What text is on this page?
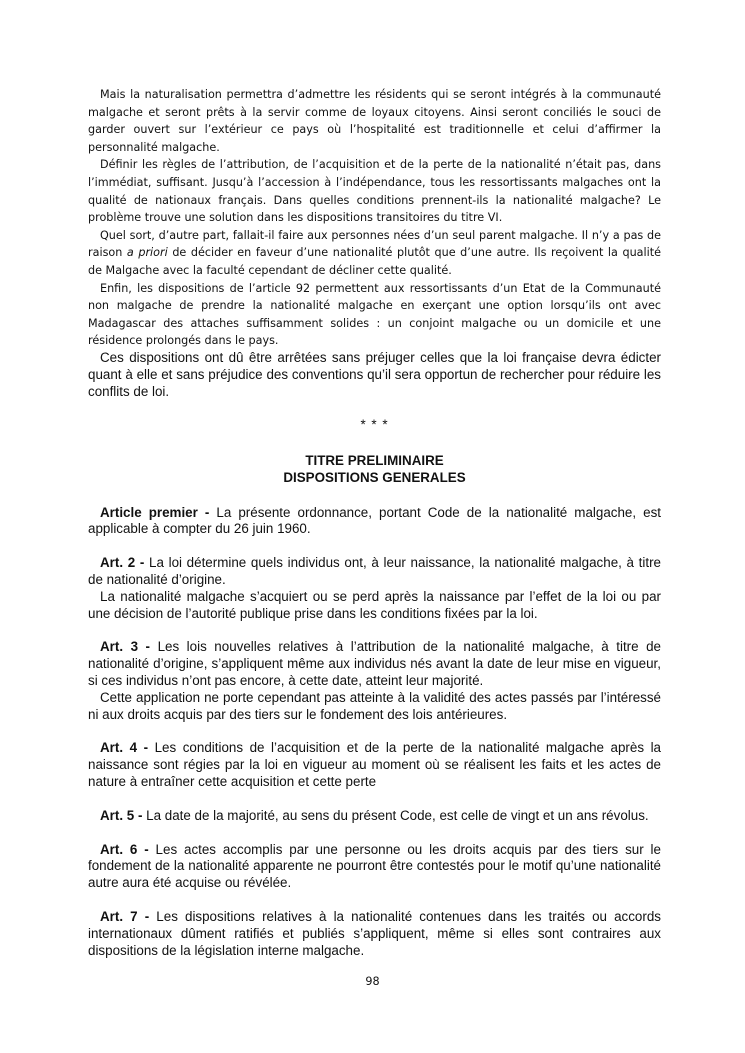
Mais la naturalisation permettra d’admettre les résidents qui se seront intégrés à la communauté malgache et seront prêts à la servir comme de loyaux citoyens. Ainsi seront conciliés le souci de garder ouvert sur l’extérieur ce pays où l’hospitalité est traditionnelle et celui d’affirmer la personnalité malgache.

Définir les règles de l’attribution, de l’acquisition et de la perte de la nationalité n’était pas, dans l’immédiat, suffisant. Jusqu’à l’accession à l’indépendance, tous les ressortissants malgaches ont la qualité de nationaux français. Dans quelles conditions prennent-ils la nationalité malgache? Le problème trouve une solution dans les dispositions transitoires du titre VI.

Quel sort, d’autre part, fallait-il faire aux personnes nées d’un seul parent malgache. Il n’y a pas de raison a priori de décider en faveur d’une nationalité plutôt que d’une autre. Ils reçoivent la qualité de Malgache avec la faculté cependant de décliner cette qualité.

Enfin, les dispositions de l’article 92 permettent aux ressortissants d’un Etat de la Communauté non malgache de prendre la nationalité malgache en exerçant une option lorsqu’ils ont avec Madagascar des attaches suffisamment solides : un conjoint malgache ou un domicile et une résidence prolongés dans le pays.

Ces dispositions ont dû être arrêtées sans préjuger celles que la loi française devra édicter quant à elle et sans préjudice des conventions qu’il sera opportun de rechercher pour réduire les conflits de loi.

* * *
TITRE PRELIMINAIRE
DISPOSITIONS GENERALES

Article premier - La présente ordonnance, portant Code de la nationalité malgache, est applicable à compter du 26 juin 1960.

Art. 2 - La loi détermine quels individus ont, à leur naissance, la nationalité malgache, à titre de nationalité d’origine.

La nationalité malgache s’acquiert ou se perd après la naissance par l’effet de la loi ou par une décision de l’autorité publique prise dans les conditions fixées par la loi.

Art. 3 - Les lois nouvelles relatives à l’attribution de la nationalité malgache, à titre de nationalité d’origine, s’appliquent même aux individus nés avant la date de leur mise en vigueur, si ces individus n’ont pas encore, à cette date, atteint leur majorité.

Cette application ne porte cependant pas atteinte à la validité des actes passés par l’intéressé ni aux droits acquis par des tiers sur le fondement des lois antérieures.

Art. 4 - Les conditions de l’acquisition et de la perte de la nationalité malgache après la naissance sont régies par la loi en vigueur au moment où se réalisent les faits et les actes de nature à entraîner cette acquisition et cette perte

Art. 5 - La date de la majorité, au sens du présent Code, est celle de vingt et un ans révolus.

Art. 6 - Les actes accomplis par une personne ou les droits acquis par des tiers sur le fondement de la nationalité apparente ne pourront être contestés pour le motif qu’une nationalité autre aura été acquise ou révélée.

Art. 7 - Les dispositions relatives à la nationalité contenues dans les traités ou accords internationaux dûment ratifiés et publiés s’appliquent, même si elles sont contraires aux dispositions de la législation interne malgache.

98
